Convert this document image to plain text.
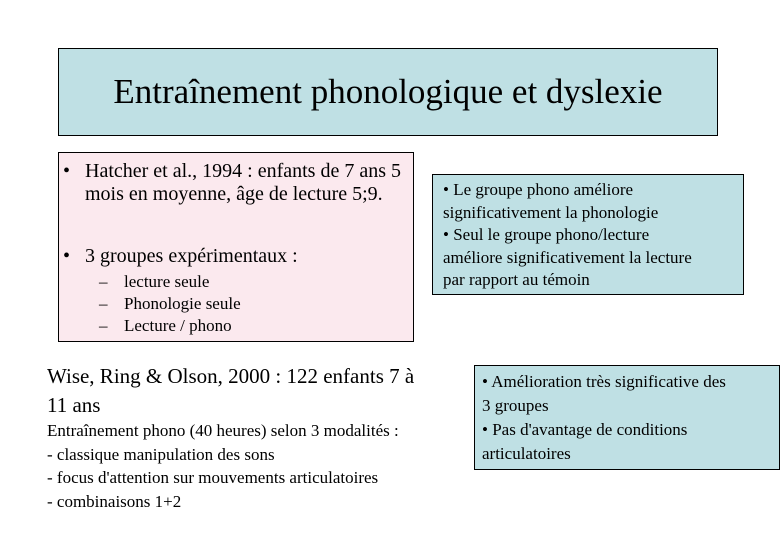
Entraînement phonologique et dyslexie
• Hatcher et al., 1994 : enfants de 7 ans 5 mois en moyenne, âge de lecture 5;9.
• 3 groupes expérimentaux :
– lecture seule
– Phonologie seule
– Lecture / phono

• Le groupe phono améliore

significativement la phonologie

• Seul le groupe phono/lecture

améliore significativement la lecture

par rapport au témoin

Wise, Ring & Olson, 2000 : 122 enfants 7 à

11 ans

Entraînement phono (40 heures) selon 3 modalités :

- classique manipulation des sons

- focus d'attention sur mouvements articulatoires

- combinaisons 1+2

• Amélioration très significative des

3 groupes

• Pas d'avantage de conditions

articulatoires
